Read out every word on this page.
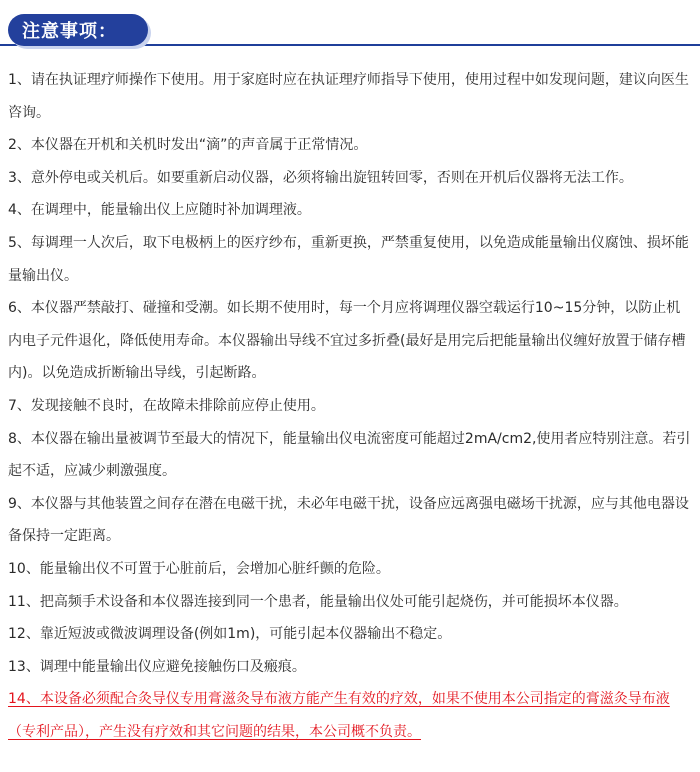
注意事项：
1、请在执证理疗师操作下使用。用于家庭时应在执证理疗师指导下使用，使用过程中如发现问题，建议向医生咨询。
2、本仪器在开机和关机时发出“滴”的声音属于正常情况。
3、意外停电或关机后。如要重新启动仪器，必须将输出旋钮转回零，否则在开机后仪器将无法工作。
4、在调理中，能量输出仪上应随时补加调理液。
5、每调理一人次后，取下电极柄上的医疗纱布，重新更换，严禁重复使用，以免造成能量输出仪腐蚀、损坏能量输出仪。
6、本仪器严禁敲打、碰撞和受潮。如长期不使用时，每一个月应将调理仪器空载运行10~15分钟，以防止机内电子元件退化，降低使用寿命。本仪器输出导线不宜过多折叠(最好是用完后把能量输出仪缠好放置于储存槽内)。以免造成折断输出导线，引起断路。
7、发现接触不良时，在故障未排除前应停止使用。
8、本仪器在输出量被调节至最大的情况下，能量输出仪电流密度可能超过2mA/cm2,使用者应特别注意。若引起不适，应减少刺激强度。
9、本仪器与其他装置之间存在潜在电磁干扰，未必年电磁干扰，设备应远离强电磁场干扰源，应与其他电器设备保持一定距离。
10、能量输出仪不可置于心脏前后，会增加心脏纤颤的危险。
11、把高频手术设备和本仪器连接到同一个患者，能量输出仪处可能引起烧伤，并可能损坏本仪器。
12、靠近短波或微波调理设备(例如1m)，可能引起本仪器输出不稳定。
13、调理中能量输出仪应避免接触伤口及瘢痕。
14、本设备必须配合灸导仪专用膏滋灸导布液方能产生有效的疗效，如果不使用本公司指定的膏滋灸导布液（专利产品），产生没有疗效和其它问题的结果，本公司概不负责。
